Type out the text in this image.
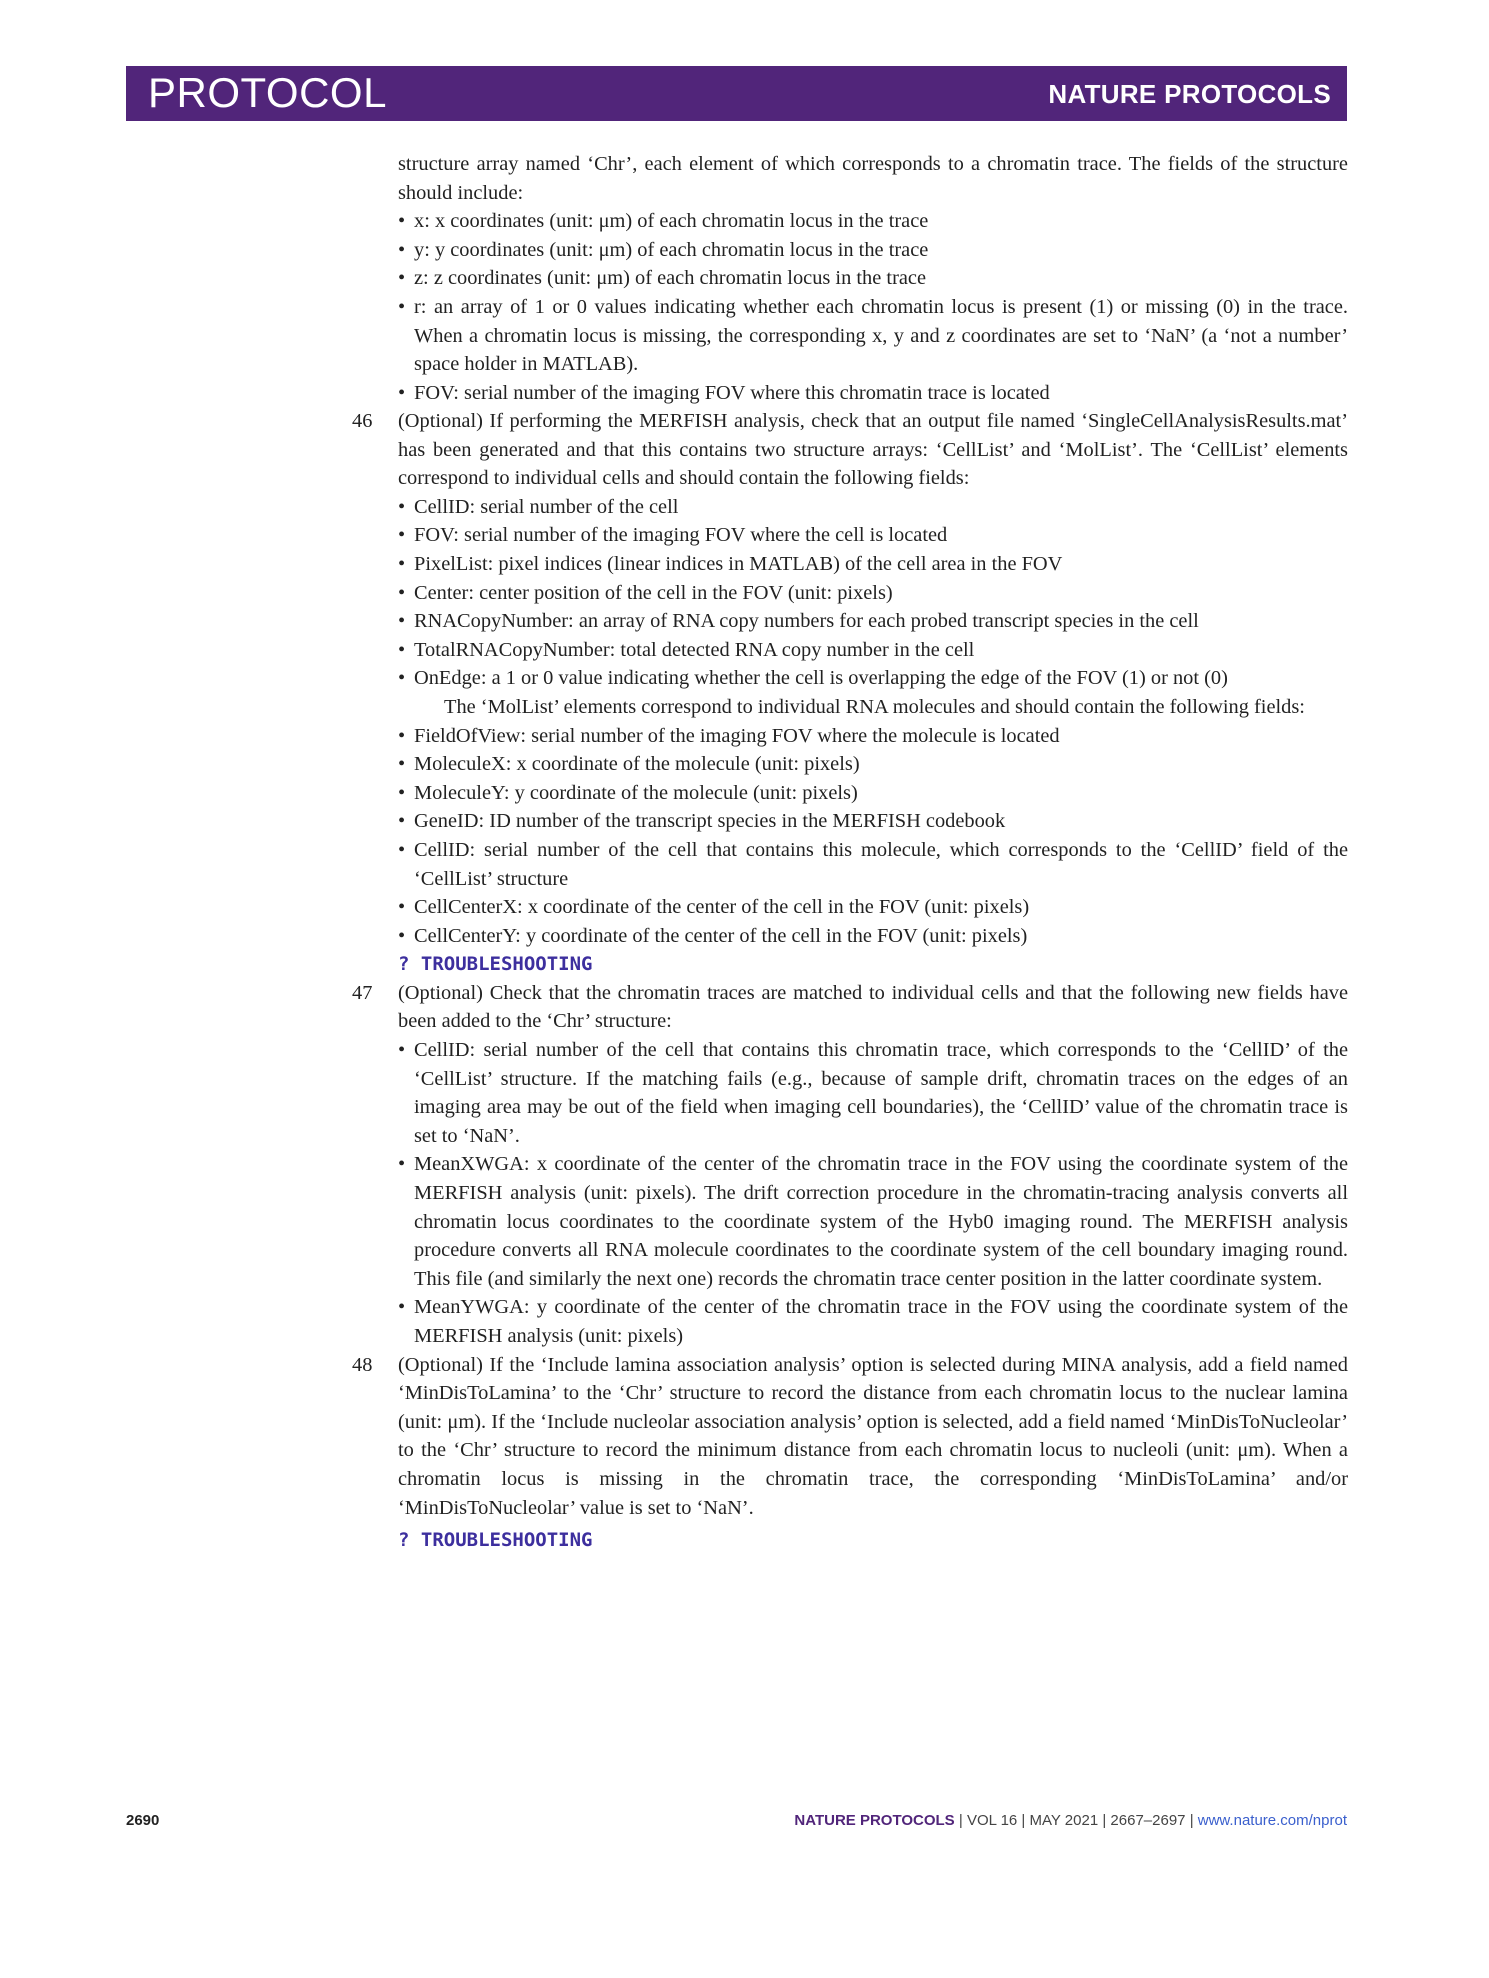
PROTOCOL	NATURE PROTOCOLS
structure array named ‘Chr’, each element of which corresponds to a chromatin trace. The fields of the structure should include:
• x: x coordinates (unit: μm) of each chromatin locus in the trace
• y: y coordinates (unit: μm) of each chromatin locus in the trace
• z: z coordinates (unit: μm) of each chromatin locus in the trace
• r: an array of 1 or 0 values indicating whether each chromatin locus is present (1) or missing (0) in the trace. When a chromatin locus is missing, the corresponding x, y and z coordinates are set to ‘NaN’ (a ‘not a number’ space holder in MATLAB).
• FOV: serial number of the imaging FOV where this chromatin trace is located
46 (Optional) If performing the MERFISH analysis, check that an output file named ‘SingleCellAnalysisResults.mat’ has been generated and that this contains two structure arrays: ‘CellList’ and ‘MolList’. The ‘CellList’ elements correspond to individual cells and should contain the following fields:
• CellID: serial number of the cell
• FOV: serial number of the imaging FOV where the cell is located
• PixelList: pixel indices (linear indices in MATLAB) of the cell area in the FOV
• Center: center position of the cell in the FOV (unit: pixels)
• RNACopyNumber: an array of RNA copy numbers for each probed transcript species in the cell
• TotalRNACopyNumber: total detected RNA copy number in the cell
• OnEdge: a 1 or 0 value indicating whether the cell is overlapping the edge of the FOV (1) or not (0)
The ‘MolList’ elements correspond to individual RNA molecules and should contain the following fields:
• FieldOfView: serial number of the imaging FOV where the molecule is located
• MoleculeX: x coordinate of the molecule (unit: pixels)
• MoleculeY: y coordinate of the molecule (unit: pixels)
• GeneID: ID number of the transcript species in the MERFISH codebook
• CellID: serial number of the cell that contains this molecule, which corresponds to the ‘CellID’ field of the ‘CellList’ structure
• CellCenterX: x coordinate of the center of the cell in the FOV (unit: pixels)
• CellCenterY: y coordinate of the center of the cell in the FOV (unit: pixels)
? TROUBLESHOOTING
47 (Optional) Check that the chromatin traces are matched to individual cells and that the following new fields have been added to the ‘Chr’ structure:
• CellID: serial number of the cell that contains this chromatin trace, which corresponds to the ‘CellID’ of the ‘CellList’ structure. If the matching fails (e.g., because of sample drift, chromatin traces on the edges of an imaging area may be out of the field when imaging cell boundaries), the ‘CellID’ value of the chromatin trace is set to ‘NaN’.
• MeanXWGA: x coordinate of the center of the chromatin trace in the FOV using the coordinate system of the MERFISH analysis (unit: pixels). The drift correction procedure in the chromatin-tracing analysis converts all chromatin locus coordinates to the coordinate system of the Hyb0 imaging round. The MERFISH analysis procedure converts all RNA molecule coordinates to the coordinate system of the cell boundary imaging round. This file (and similarly the next one) records the chromatin trace center position in the latter coordinate system.
• MeanYWGA: y coordinate of the center of the chromatin trace in the FOV using the coordinate system of the MERFISH analysis (unit: pixels)
48 (Optional) If the ‘Include lamina association analysis’ option is selected during MINA analysis, add a field named ‘MinDisToLamina’ to the ‘Chr’ structure to record the distance from each chromatin locus to the nuclear lamina (unit: μm). If the ‘Include nucleolar association analysis’ option is selected, add a field named ‘MinDisToNucleolar’ to the ‘Chr’ structure to record the minimum distance from each chromatin locus to nucleoli (unit: μm). When a chromatin locus is missing in the chromatin trace, the corresponding ‘MinDisToLamina’ and/or ‘MinDisToNucleolar’ value is set to ‘NaN’.
? TROUBLESHOOTING
2690	NATURE PROTOCOLS | VOL 16 | MAY 2021 | 2667–2697 | www.nature.com/nprot
